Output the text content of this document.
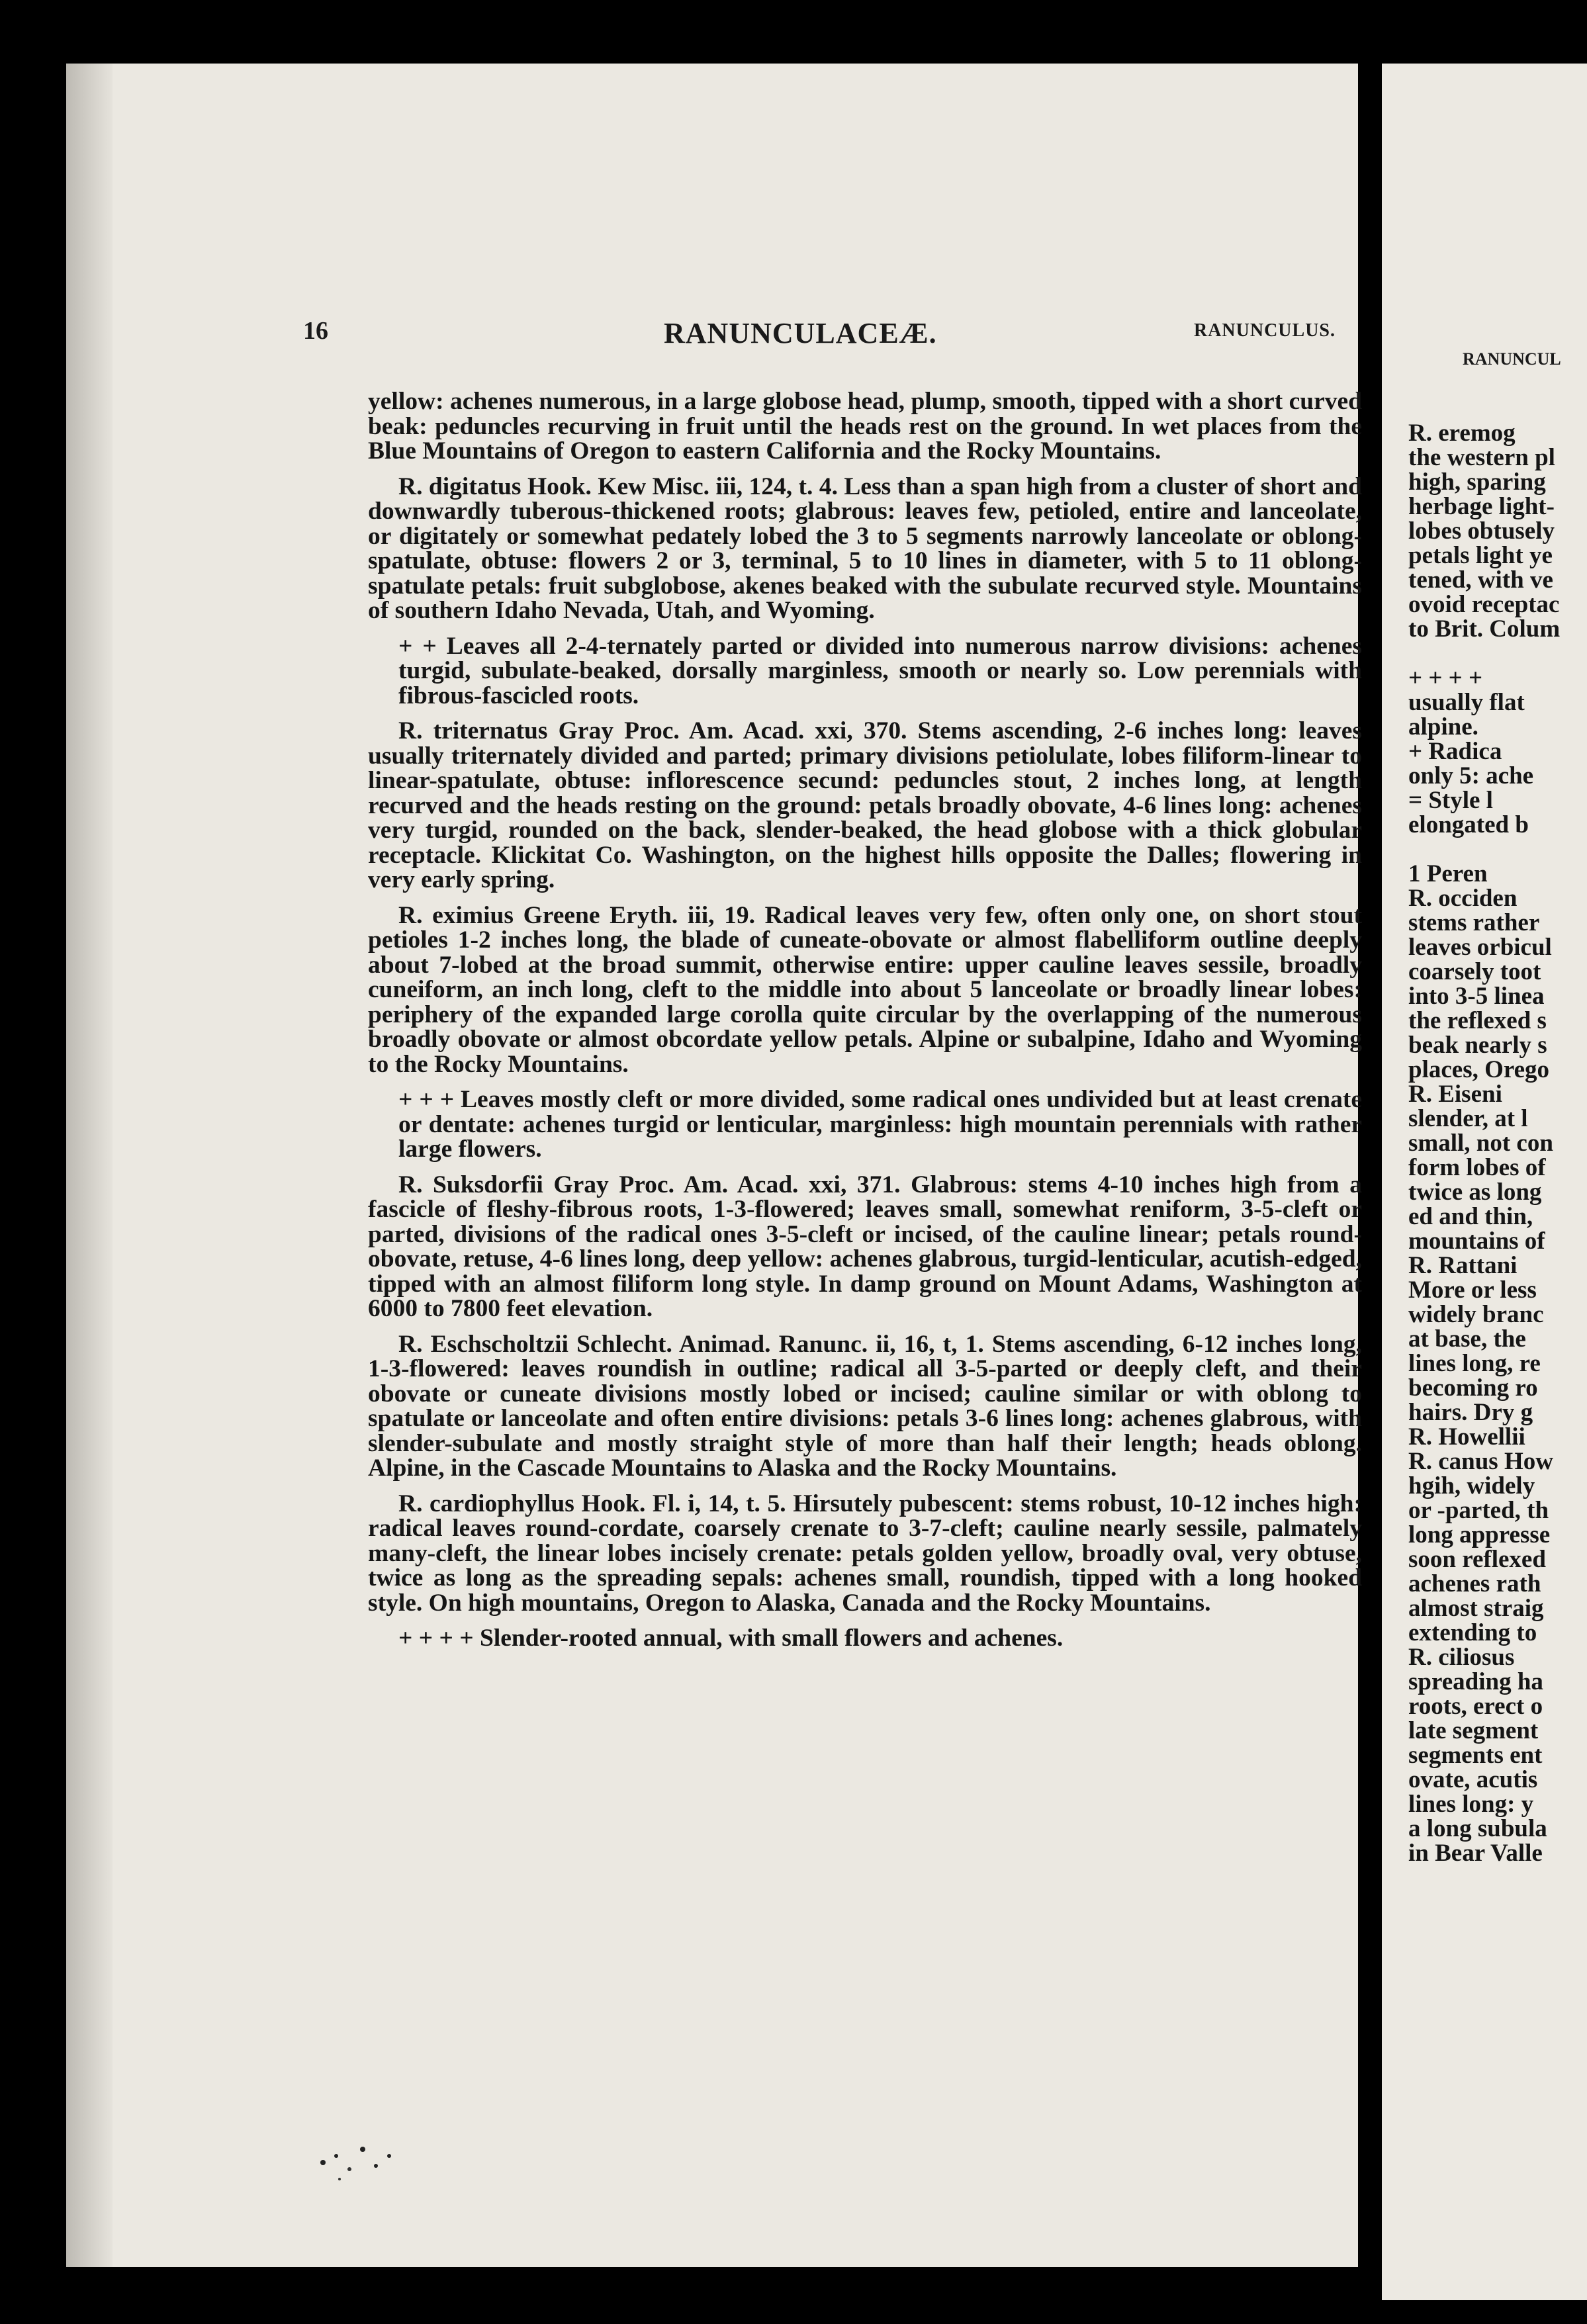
16	RANUNCULACEÆ.	RANUNCULUS.

yellow: achenes numerous, in a large globose head, plump, smooth, tipped with a short curved beak: peduncles recurving in fruit until the heads rest on the ground. In wet places from the Blue Mountains of Oregon to eastern California and the Rocky Mountains.

R. digitatus Hook. Kew Misc. iii, 124, t. 4. Less than a span high from a cluster of short and downwardly tuberous-thickened roots; glabrous: leaves few, petioled, entire and lanceolate, or digitately or somewhat pedately lobed the 3 to 5 segments narrowly lanceolate or oblong-spatulate, obtuse: flowers 2 or 3, terminal, 5 to 10 lines in diameter, with 5 to 11 oblong-spatulate petals: fruit subglobose, akenes beaked with the subulate recurved style. Mountains of southern Idaho Nevada, Utah, and Wyoming.

+ + Leaves all 2-4-ternately parted or divided into numerous narrow divisions: achenes turgid, subulate-beaked, dorsally marginless, smooth or nearly so. Low perennials with fibrous-fascicled roots.

R. triternatus Gray Proc. Am. Acad. xxi, 370. Stems ascending, 2-6 inches long: leaves usually triternately divided and parted; primary divisions petiolulate, lobes filiform-linear to linear-spatulate, obtuse: inflorescence secund: peduncles stout, 2 inches long, at length recurved and the heads resting on the ground: petals broadly obovate, 4-6 lines long: achenes very turgid, rounded on the back, slender-beaked, the head globose with a thick globular receptacle. Klickitat Co. Washington, on the highest hills opposite the Dalles; flowering in very early spring.

R. eximius Greene Eryth. iii, 19. Radical leaves very few, often only one, on short stout petioles 1-2 inches long, the blade of cuneate-obovate or almost flabelliform outline deeply about 7-lobed at the broad summit, otherwise entire: upper cauline leaves sessile, broadly cuneiform, an inch long, cleft to the middle into about 5 lanceolate or broadly linear lobes: periphery of the expanded large corolla quite circular by the overlapping of the numerous broadly obovate or almost obcordate yellow petals. Alpine or subalpine, Idaho and Wyoming to the Rocky Mountains.

+ + + Leaves mostly cleft or more divided, some radical ones undivided but at least crenate or dentate: achenes turgid or lenticular, marginless: high mountain perennials with rather large flowers.

R. Suksdorfii Gray Proc. Am. Acad. xxi, 371. Glabrous: stems 4-10 inches high from a fascicle of fleshy-fibrous roots, 1-3-flowered; leaves small, somewhat reniform, 3-5-cleft or parted, divisions of the radical ones 3-5-cleft or incised, of the cauline linear; petals round-obovate, retuse, 4-6 lines long, deep yellow: achenes glabrous, turgid-lenticular, acutish-edged, tipped with an almost filiform long style. In damp ground on Mount Adams, Washington at 6000 to 7800 feet elevation.

R. Eschscholtzii Schlecht. Animad. Ranunc. ii, 16, t, 1. Stems ascending, 6-12 inches long, 1-3-flowered: leaves roundish in outline; radical all 3-5-parted or deeply cleft, and their obovate or cuneate divisions mostly lobed or incised; cauline similar or with oblong to spatulate or lanceolate and often entire divisions: petals 3-6 lines long: achenes glabrous, with slender-subulate and mostly straight style of more than half their length; heads oblong. Alpine, in the Cascade Mountains to Alaska and the Rocky Mountains.

R. cardiophyllus Hook. Fl. i, 14, t. 5. Hirsutely pubescent: stems robust, 10-12 inches high: radical leaves round-cordate, coarsely crenate to 3-7-cleft; cauline nearly sessile, palmately many-cleft, the linear lobes incisely crenate: petals golden yellow, broadly oval, very obtuse, twice as long as the spreading sepals: achenes small, roundish, tipped with a long hooked style. On high mountains, Oregon to Alaska, Canada and the Rocky Mountains.

+ + + + Slender-rooted annual, with small flowers and achenes.

RANUNCUL
R. eremog
the western pl
high, sparing
herbage light-
lobes obtusely
petals light ye
tened, with ve
ovoid receptac
to Brit. Colum
+ + + +
usually flat
alpine.
+ Radica
only 5: ache
= Style l
elongated b
1 Peren
R. occiden
stems rather
leaves orbicul
coarsely toot
into 3-5 linea
the reflexed s
beak nearly s
places, Orego
R. Eiseni
slender, at l
small, not con
form lobes of
twice as long
ed and thin,
mountains of
R. Rattani
More or less
widely branc
at base, the
lines long, re
becoming ro
hairs. Dry g
R. Howellii
R. canus How
hgih, widely
or -parted, th
long appresse
soon reflexed
achenes rath
almost straig
extending to
R. ciliosus
spreading ha
roots, erect o
late segment
segments ent
ovate, acutis
lines long: y
a long subula
in Bear Valle
